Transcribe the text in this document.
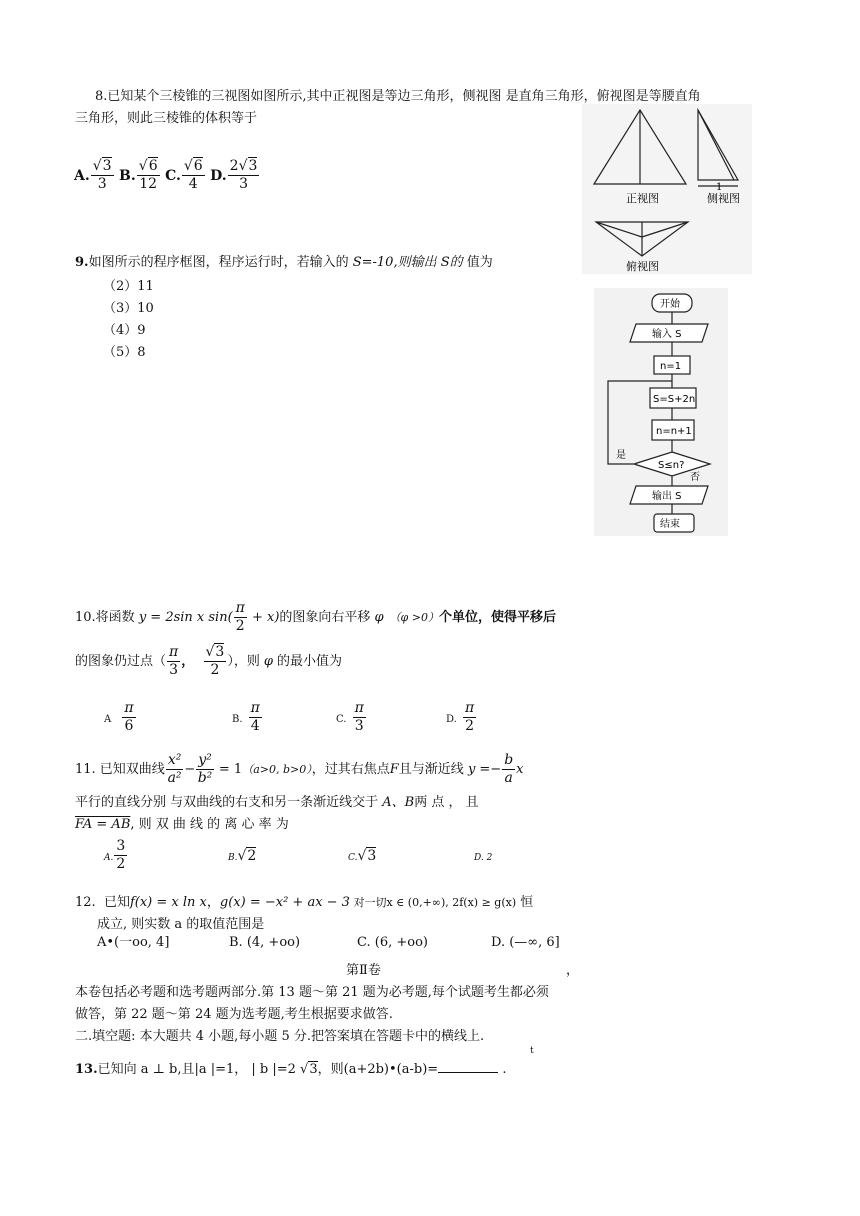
8.已知某个三棱锥的三视图如图所示,其中正视图是等边三角形，侧视图 是直角三角形，俯视图是等腰直角
三角形，则此三棱锥的体积等于
A. √ $\frac{3}{3} B$. √ $\frac{6}{12} C$. √ $\frac{6}{4} D$. $\frac{2 √ 3}{3}$
正视图	侧视图
1
俯视图
9.如图所示的程序框图，程序运行时，若输入的 S=-10,则输出 S的 值为
（2）11
（3）10
（4）9
（5）8
开始
输入 S
n=1
S=S+2n
n=n+1
S≤n?
是
否
输出 S
结束
10.将函数 y = 2sin x $\sin( \frac{\pi}{2} + x)$的图象向右平移 φ （φ >0）个单位，使得平移后
的图象仍过点（ $\frac{\pi}{3}$ ， √ $\frac{3}{2}$ ），则 φ 的最小值为
A $\frac{\pi}{6}$	B. $\frac{\pi}{4}$	C. $\frac{\pi}{3}$	D. $\frac{\pi}{2}$
11. 已知双曲线 $\frac{\text{x²}}{\text{a²}} - \frac{\text{y²}}{\text{b²}} = 1(a>0$, b>0），过其右焦点F且与渐近线 $y =- \frac{b}{a}$ x
平行的直线分别 与双曲线的右支和另一条渐近线交于 A、B两 点 ， 且
FA = AB, 则 双 曲 线 的 离 心 率 为
A. $\frac{3}{2}$	B. √ 2	C. √ 3	D. 2
12. 已知f(x) = x ln x，g(x) = −x² + ax − 3 对一切x ∈ (0,+∞), 2f(x) ≥ g(x) 恒
成立, 则实数 a 的取值范围是
A•(一oo, 4]	B. (4, +oo)	C. (6, +oo)	D. (—∞, 6]
第Ⅱ卷	，
本卷包括必考题和选考题两部分.第 13 题～第 21 题为必考题,每个试题考生都必须
做答，第 22 题～第 24 题为选考题,考生根据要求做答.
二.填空题: 本大题共 4 小题,每小题 5 分.把答案填在答题卡中的横线上.
t
13.已知向 a ⊥ b,且|a |=1， | b |=2 √ 3，则(a+2b)•(a-b)=	.
